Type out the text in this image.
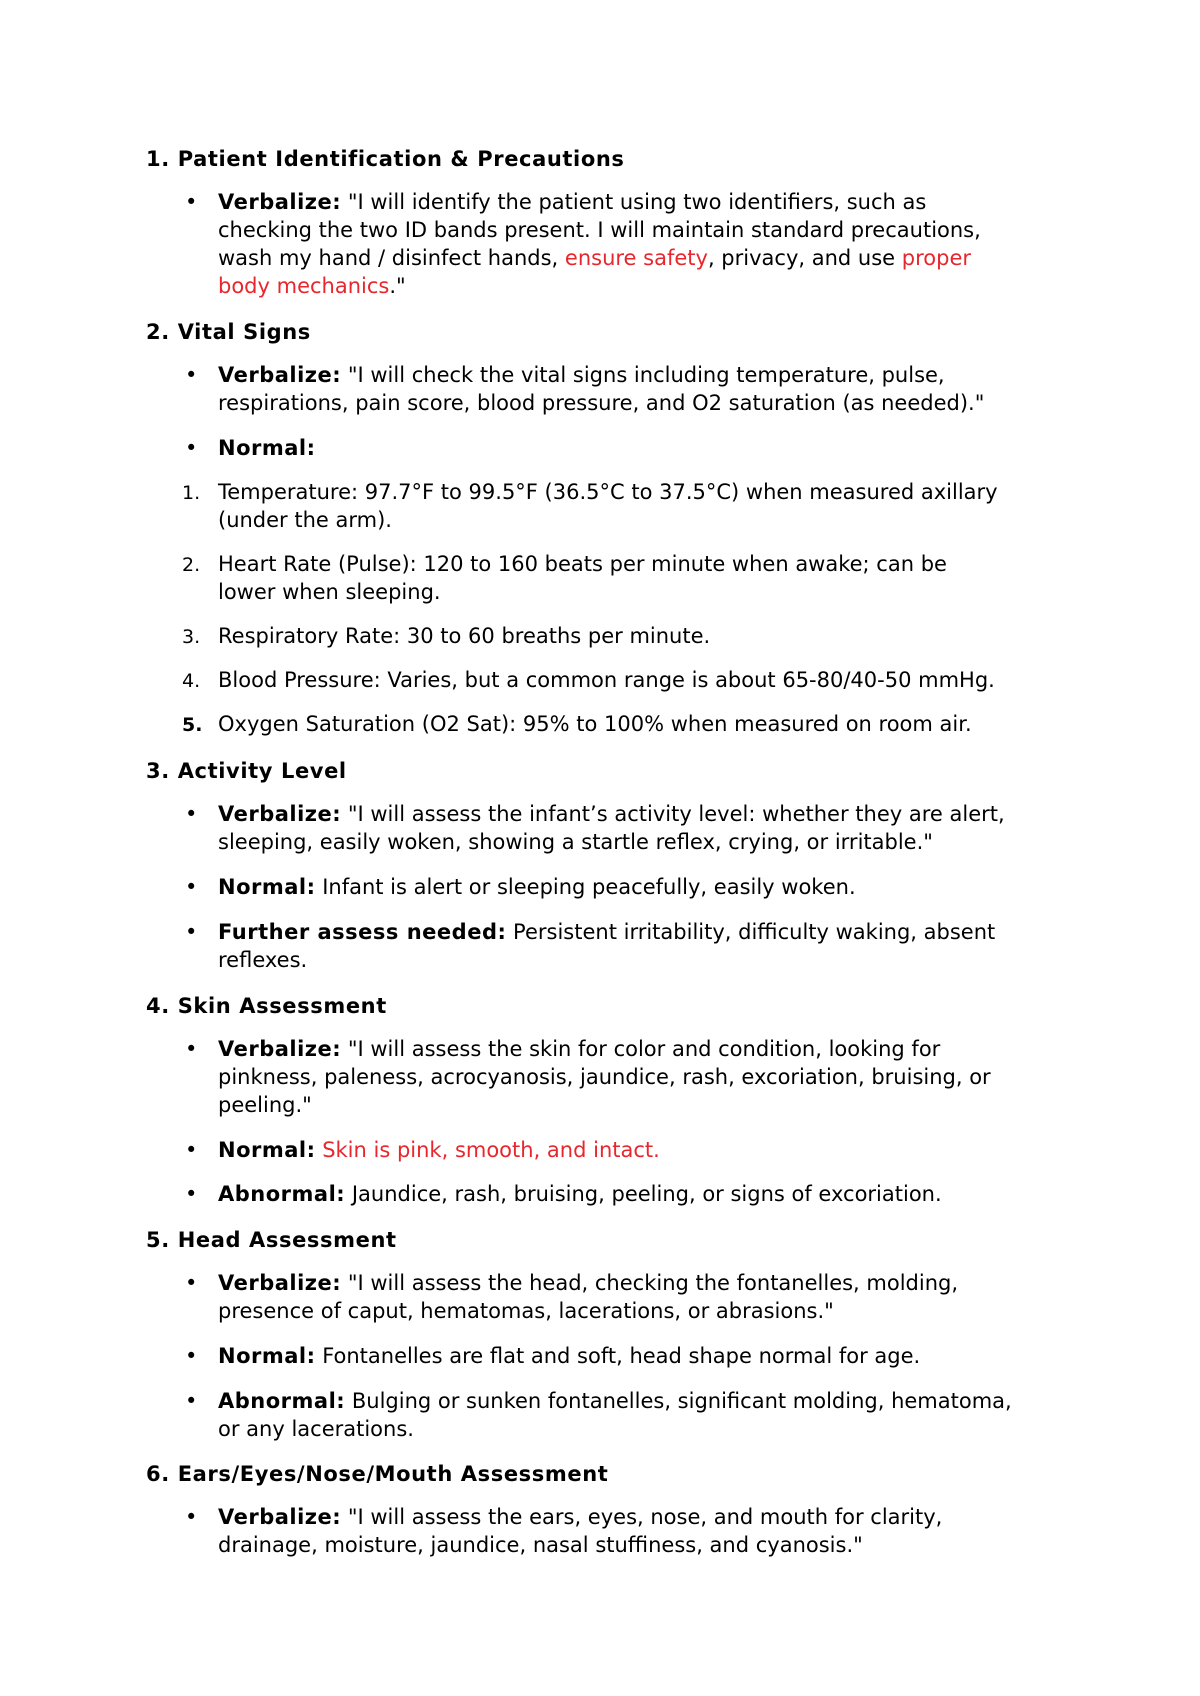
1. Patient Identification & Precautions
• Verbalize: "I will identify the patient using two identifiers, such as
checking the two ID bands present. I will maintain standard precautions,
wash my hand / disinfect hands, ensure safety, privacy, and use proper
body mechanics."
2. Vital Signs
• Verbalize: "I will check the vital signs including temperature, pulse,
respirations, pain score, blood pressure, and O2 saturation (as needed)."
• Normal:
1. Temperature: 97.7°F to 99.5°F (36.5°C to 37.5°C) when measured axillary
(under the arm).
2. Heart Rate (Pulse): 120 to 160 beats per minute when awake; can be
lower when sleeping.
3. Respiratory Rate: 30 to 60 breaths per minute.
4. Blood Pressure: Varies, but a common range is about 65-80/40-50 mmHg.
5. Oxygen Saturation (O2 Sat): 95% to 100% when measured on room air.
3. Activity Level
• Verbalize: "I will assess the infant’s activity level: whether they are alert,
sleeping, easily woken, showing a startle reflex, crying, or irritable."
• Normal: Infant is alert or sleeping peacefully, easily woken.
• Further assess needed: Persistent irritability, difficulty waking, absent
reflexes.
4. Skin Assessment
• Verbalize: "I will assess the skin for color and condition, looking for
pinkness, paleness, acrocyanosis, jaundice, rash, excoriation, bruising, or
peeling."
• Normal: Skin is pink, smooth, and intact.
• Abnormal: Jaundice, rash, bruising, peeling, or signs of excoriation.
5. Head Assessment
• Verbalize: "I will assess the head, checking the fontanelles, molding,
presence of caput, hematomas, lacerations, or abrasions."
• Normal: Fontanelles are flat and soft, head shape normal for age.
• Abnormal: Bulging or sunken fontanelles, significant molding, hematoma,
or any lacerations.
6. Ears/Eyes/Nose/Mouth Assessment
• Verbalize: "I will assess the ears, eyes, nose, and mouth for clarity,
drainage, moisture, jaundice, nasal stuffiness, and cyanosis."
